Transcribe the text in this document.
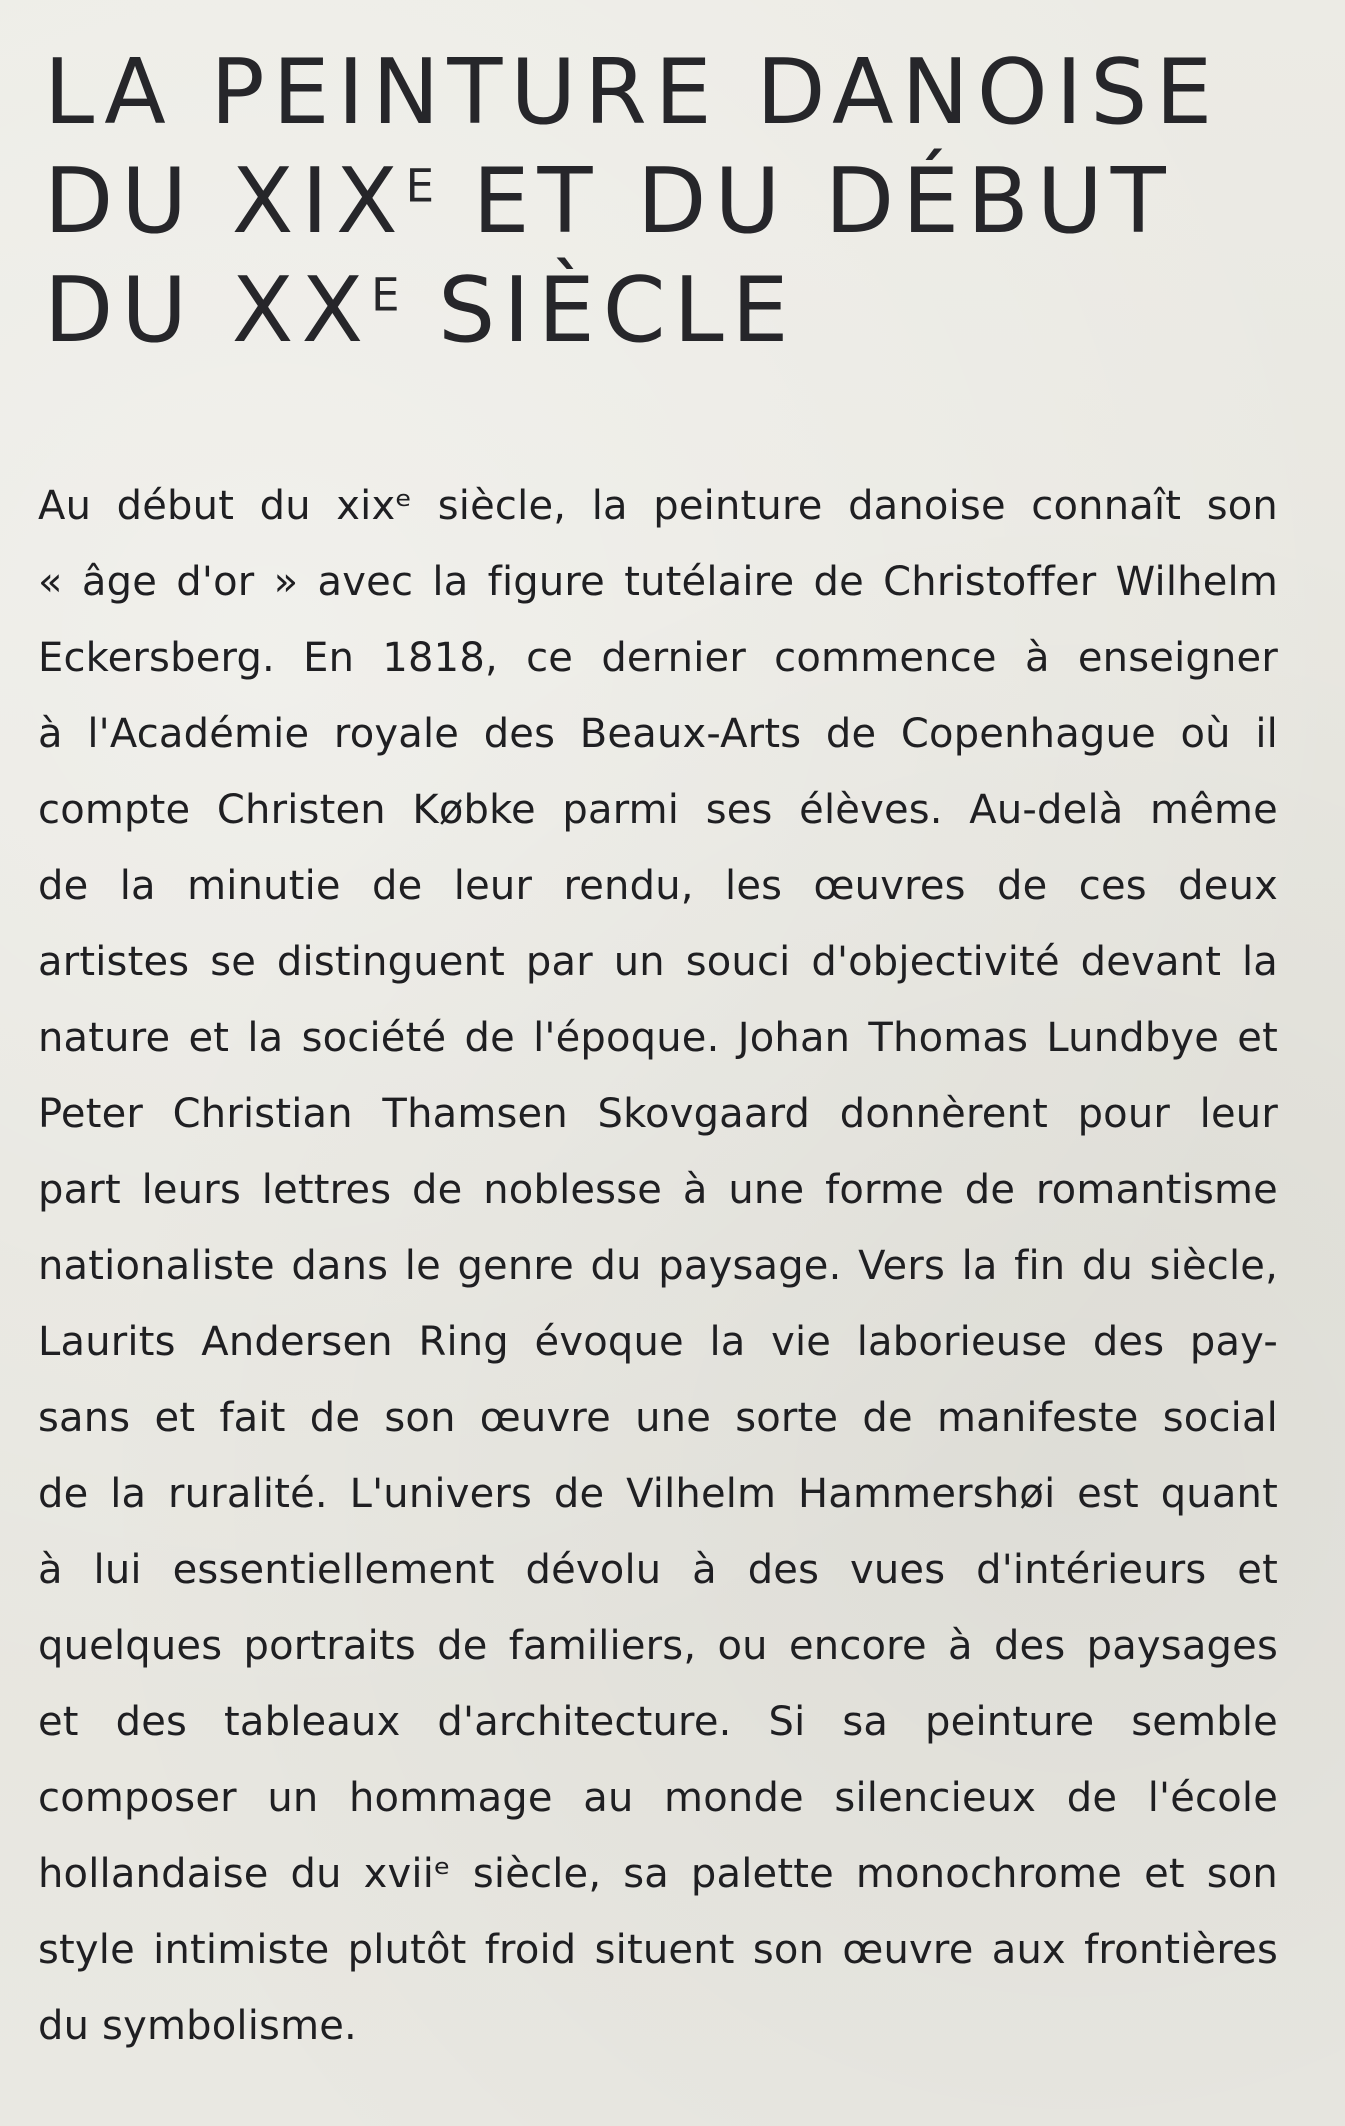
LA PEINTURE DANOISE
DU $XIX^E$ ET DU DÉBUT
DU $XX^E$ SIÈCLE
Au début du xixᵉ siècle, la peinture danoise connaît son
« âge d'or » avec la figure tutélaire de Christoffer Wilhelm
Eckersberg. En 1818, ce dernier commence à enseigner
à l'Académie royale des Beaux-Arts de Copenhague où il
compte Christen Købke parmi ses élèves. Au-delà même
de la minutie de leur rendu, les œuvres de ces deux
artistes se distinguent par un souci d'objectivité devant la
nature et la société de l'époque. Johan Thomas Lundbye et
Peter Christian Thamsen Skovgaard donnèrent pour leur
part leurs lettres de noblesse à une forme de romantisme
nationaliste dans le genre du paysage. Vers la fin du siècle,
Laurits Andersen Ring évoque la vie laborieuse des pay-
sans et fait de son œuvre une sorte de manifeste social
de la ruralité. L'univers de Vilhelm Hammershøi est quant
à lui essentiellement dévolu à des vues d'intérieurs et
quelques portraits de familiers, ou encore à des paysages
et des tableaux d'architecture. Si sa peinture semble
composer un hommage au monde silencieux de l'école
hollandaise du xviiᵉ siècle, sa palette monochrome et son
style intimiste plutôt froid situent son œuvre aux frontières
du symbolisme.
